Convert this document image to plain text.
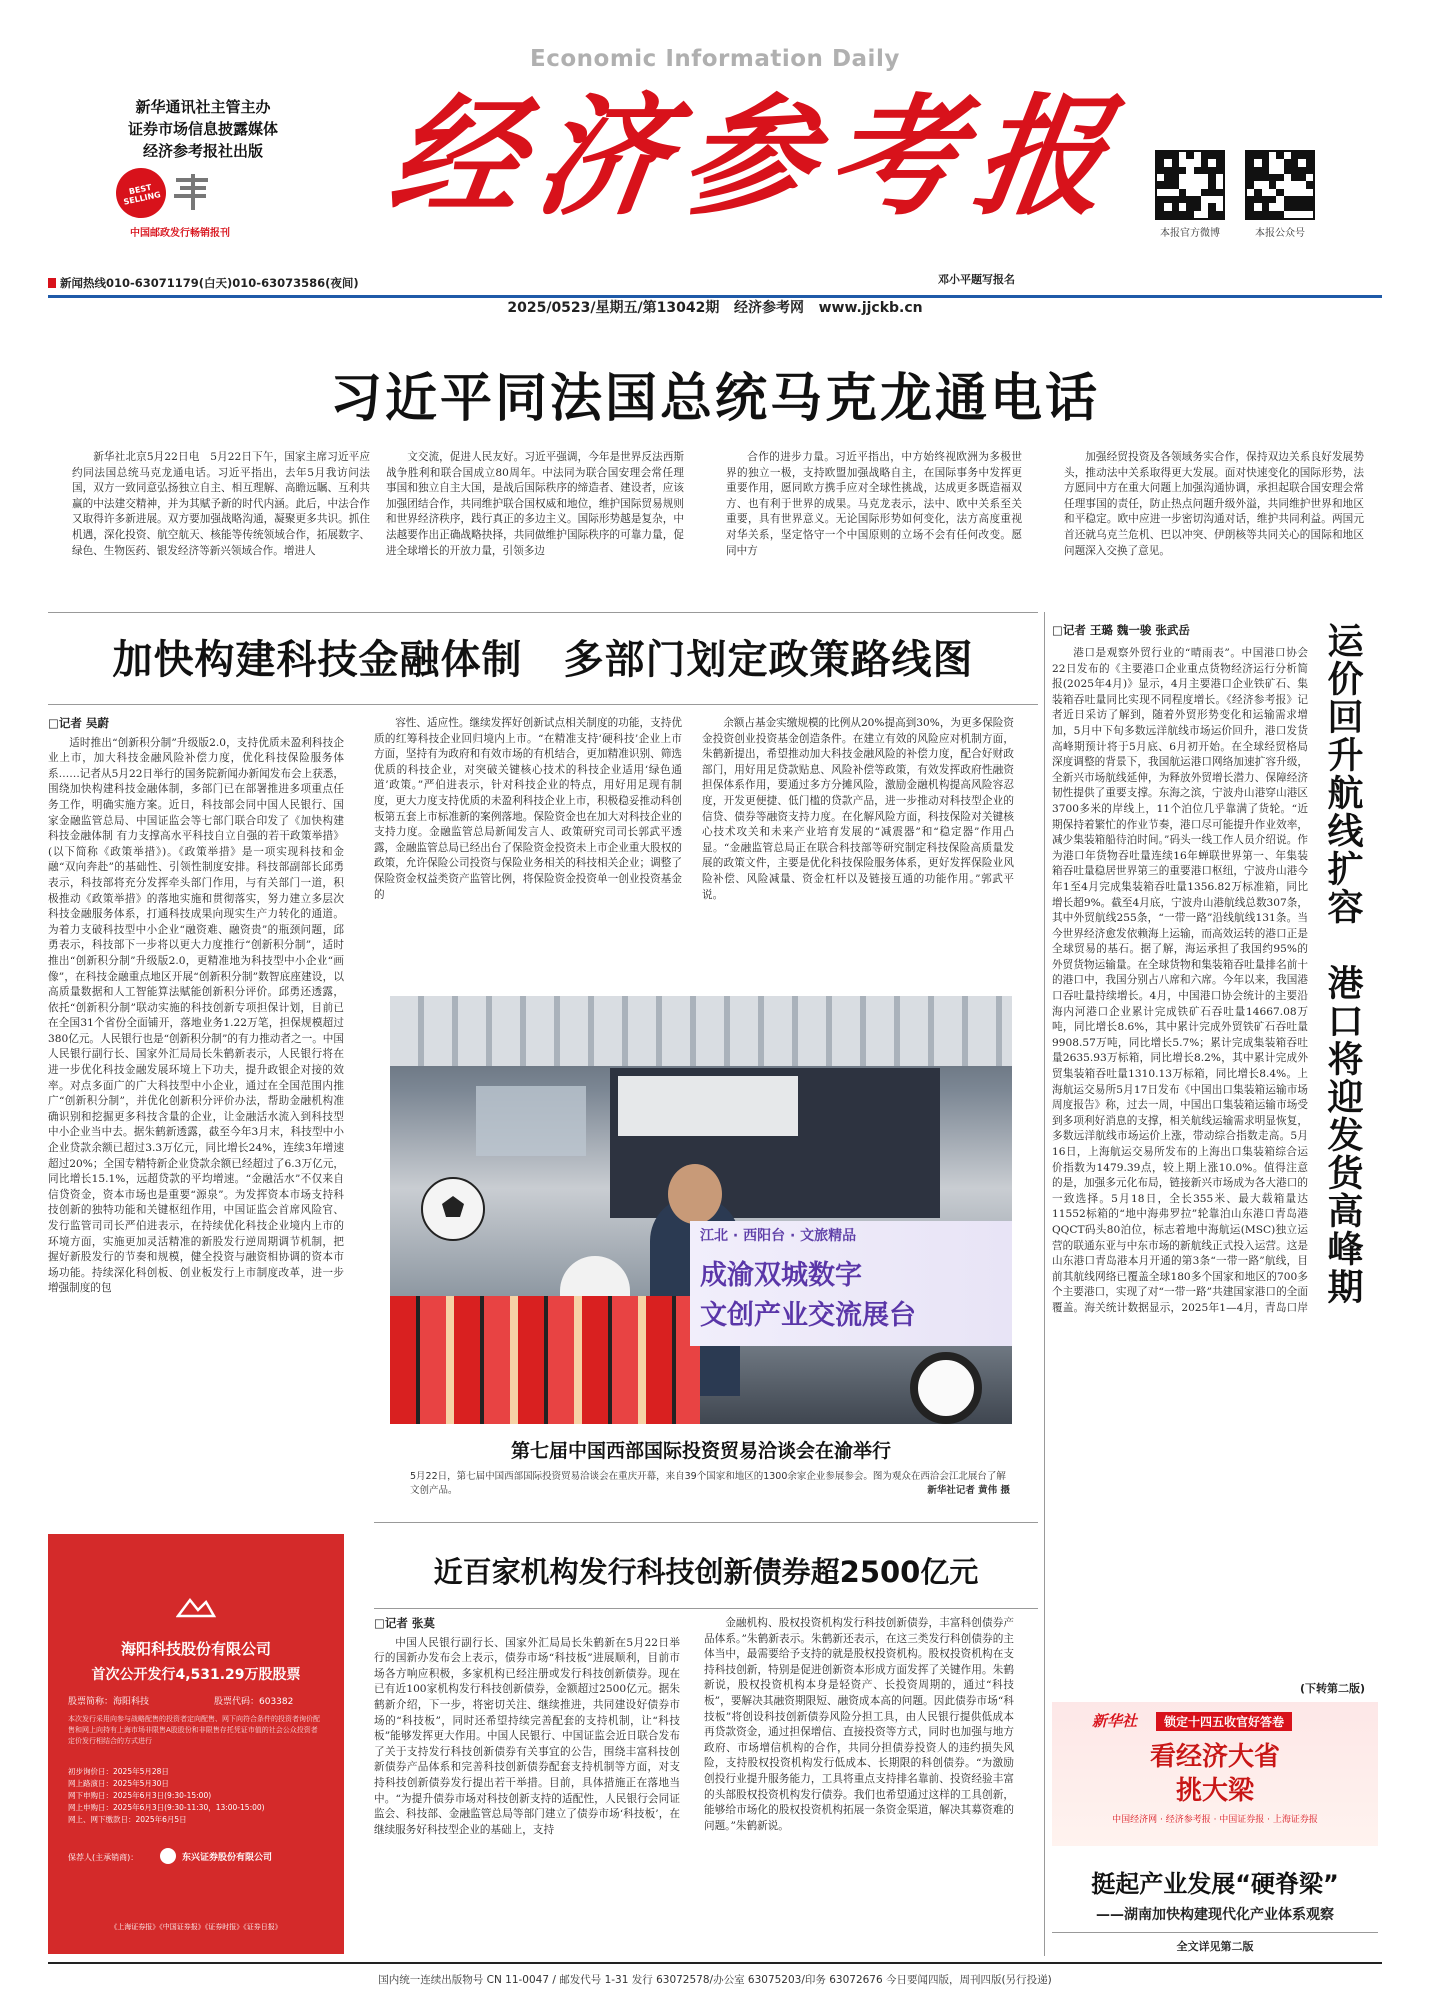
Economic Information Daily
新华通讯社主管主办
证券市场信息披露媒体
经济参考报社出版
BEST SELLING
中国邮政发行畅销报刊
经济参考报
邓小平题写报名
本报官方微博	本报公众号
新闻热线010-63071179(白天)010-63073586(夜间)
2025/0523/星期五/第13042期 经济参考网 www.jjckb.cn
习近平同法国总统马克龙通电话

新华社北京5月22日电　5月22日下午，国家主席习近平应约同法国总统马克龙通电话。习近平指出，去年5月我访问法国，双方一致同意弘扬独立自主、相互理解、高瞻远瞩、互利共赢的中法建交精神，并为其赋予新的时代内涵。此后，中法合作又取得许多新进展。双方要加强战略沟通，凝聚更多共识。抓住机遇，深化投资、航空航天、核能等传统领域合作，拓展数字、绿色、生物医药、银发经济等新兴领域合作。增进人

文交流，促进人民友好。习近平强调，今年是世界反法西斯战争胜利和联合国成立80周年。中法同为联合国安理会常任理事国和独立自主大国，是战后国际秩序的缔造者、建设者，应该加强团结合作，共同维护联合国权威和地位，维护国际贸易规则和世界经济秩序，践行真正的多边主义。国际形势越是复杂，中法越要作出正确战略抉择，共同做维护国际秩序的可靠力量，促进全球增长的开放力量，引领多边

合作的进步力量。习近平指出，中方始终视欧洲为多极世界的独立一极，支持欧盟加强战略自主，在国际事务中发挥更重要作用，愿同欧方携手应对全球性挑战，达成更多既造福双方、也有利于世界的成果。马克龙表示，法中、欧中关系至关重要，具有世界意义。无论国际形势如何变化，法方高度重视对华关系，坚定恪守一个中国原则的立场不会有任何改变。愿同中方

加强经贸投资及各领域务实合作，保持双边关系良好发展势头，推动法中关系取得更大发展。面对快速变化的国际形势，法方愿同中方在重大问题上加强沟通协调，承担起联合国安理会常任理事国的责任，防止热点问题升级外溢，共同维护世界和地区和平稳定。欧中应进一步密切沟通对话，维护共同利益。两国元首还就乌克兰危机、巴以冲突、伊朗核等共同关心的国际和地区问题深入交换了意见。

加快构建科技金融体制　多部门划定政策路线图
□记者 吴蔚

适时推出“创新积分制”升级版2.0，支持优质未盈利科技企业上市，加大科技金融风险补偿力度，优化科技保险服务体系……记者从5月22日举行的国务院新闻办新闻发布会上获悉，围绕加快构建科技金融体制，多部门已在部署推进多项重点任务工作，明确实施方案。近日，科技部会同中国人民银行、国家金融监管总局、中国证监会等七部门联合印发了《加快构建科技金融体制 有力支撑高水平科技自立自强的若干政策举措》(以下简称《政策举措》)。《政策举措》是一项实现科技和金融“双向奔赴”的基础性、引领性制度安排。科技部副部长邱勇表示，科技部将充分发挥牵头部门作用，与有关部门一道，积极推动《政策举措》的落地实施和贯彻落实，努力建立多层次科技金融服务体系，打通科技成果向现实生产力转化的通道。为着力支破科技型中小企业“融资难、融资贵”的瓶颈问题，邱勇表示，科技部下一步将以更大力度推行“创新积分制”，适时推出“创新积分制”升级版2.0，更精准地为科技型中小企业“画像”，在科技金融重点地区开展“创新积分制”数智底座建设，以高质量数据和人工智能算法赋能创新积分评价。邱勇还透露，依托“创新积分制”联动实施的科技创新专项担保计划，目前已在全国31个省份全面铺开，落地业务1.22万笔，担保规模超过380亿元。人民银行也是“创新积分制”的有力推动者之一。中国人民银行副行长、国家外汇局局长朱鹤新表示，人民银行将在进一步优化科技金融发展环境上下功夫，提升政银企对接的效率。对点多面广的广大科技型中小企业，通过在全国范围内推广“创新积分制”，并优化创新积分评价办法，帮助金融机构准确识别和挖掘更多科技含量的企业，让金融活水流入到科技型中小企业当中去。据朱鹤新透露，截至今年3月末，科技型中小企业贷款余额已超过3.3万亿元，同比增长24%，连续3年增速超过20%；全国专精特新企业贷款余额已经超过了6.3万亿元，同比增长15.1%，远超贷款的平均增速。“金融活水”不仅来自信贷资金，资本市场也是重要“源泉”。为发挥资本市场支持科技创新的独特功能和关键枢纽作用，中国证监会首席风险官、发行监管司司长严伯进表示，在持续优化科技企业境内上市的环境方面，实施更加灵活精准的新股发行逆周期调节机制，把握好新股发行的节奏和规模，健全投资与融资相协调的资本市场功能。持续深化科创板、创业板发行上市制度改革，进一步增强制度的包

容性、适应性。继续发挥好创新试点相关制度的功能，支持优质的红筹科技企业回归境内上市。“在精准支持‘硬科技’企业上市方面，坚持有为政府和有效市场的有机结合，更加精准识别、筛选优质的科技企业，对突破关键核心技术的科技企业适用‘绿色通道’政策。”严伯进表示，针对科技企业的特点，用好用足现有制度，更大力度支持优质的未盈利科技企业上市，积极稳妥推动科创板第五套上市标准新的案例落地。保险资金也在加大对科技企业的支持力度。金融监管总局新闻发言人、政策研究司司长郭武平透露，金融监管总局已经出台了保险资金投资未上市企业重大股权的政策，允许保险公司投资与保险业务相关的科技相关企业；调整了保险资金权益类资产监管比例，将保险资金投资单一创业投资基金的

余额占基金实缴规模的比例从20%提高到30%，为更多保险资金投资创业投资基金创造条件。在建立有效的风险应对机制方面，朱鹤新提出，希望推动加大科技金融风险的补偿力度，配合好财政部门，用好用足贷款贴息、风险补偿等政策，有效发挥政府性融资担保体系作用，要通过多方分摊风险，激励金融机构提高风险容忍度，开发更便捷、低门槛的贷款产品，进一步推动对科技型企业的信贷、债券等融资支持力度。在化解风险方面，科技保险对关键核心技术攻关和未来产业培育发展的“减震器”和“稳定器”作用凸显。“金融监管总局正在联合科技部等研究制定科技保险高质量发展的政策文件，主要是优化科技保险服务体系，更好发挥保险业风险补偿、风险减量、资金杠杆以及链接互通的功能作用。”郭武平说。

江北 · 西阳台 · 文旅精品
成渝双城数字
文创产业交流展台
第七届中国西部国际投资贸易洽谈会在渝举行
5月22日，第七届中国西部国际投资贸易洽谈会在重庆开幕，来自39个国家和地区的1300余家企业参展参会。图为观众在西洽会江北展台了解文创产品。	新华社记者 黄伟 摄
海阳科技股份有限公司
首次公开发行4,531.29万股股票
股票简称：海阳科技	股票代码：603382
本次发行采用向参与战略配售的投资者定向配售、网下向符合条件的投资者询价配售和网上向持有上海市场非限售A股股份和非限售存托凭证市值的社会公众投资者定价发行相结合的方式进行
初步询价日：2025年5月28日
网上路演日：2025年5月30日
网下申购日：2025年6月3日(9:30-15:00)
网上申购日：2025年6月3日(9:30-11:30，13:00-15:00)
网上、网下缴款日：2025年6月5日
保荐人(主承销商)：	东兴证券股份有限公司
《上海证券报》《中国证券报》《证券时报》《证券日报》
近百家机构发行科技创新债券超2500亿元
□记者 张莫

中国人民银行副行长、国家外汇局局长朱鹤新在5月22日举行的国新办发布会上表示，债券市场“科技板”进展顺利，目前市场各方响应积极，多家机构已经注册或发行科技创新债券。现在已有近100家机构发行科技创新债券，金额超过2500亿元。据朱鹤新介绍，下一步，将密切关注、继续推进，共同建设好债券市场的“科技板”，同时还希望持续完善配套的支持机制，让“科技板”能够发挥更大作用。中国人民银行、中国证监会近日联合发布了关于支持发行科技创新债券有关事宜的公告，围绕丰富科技创新债券产品体系和完善科技创新债券配套支持机制等方面，对支持科技创新债券发行提出若干举措。目前，具体措施正在落地当中。“为提升债券市场对科技创新支持的适配性，人民银行会同证监会、科技部、金融监管总局等部门建立了债券市场‘科技板’，在继续服务好科技型企业的基础上，支持

金融机构、股权投资机构发行科技创新债券，丰富科创债券产品体系。”朱鹤新表示。朱鹤新还表示，在这三类发行科创债券的主体当中，最需要给予支持的就是股权投资机构。股权投资机构在支持科技创新，特别是促进创新资本形成方面发挥了关键作用。朱鹤新说，股权投资机构本身是轻资产、长投资周期的，通过“科技板”，要解决其融资期限短、融资成本高的问题。因此债券市场“科技板”将创设科技创新债券风险分担工具，由人民银行提供低成本再贷款资金，通过担保增信、直接投资等方式，同时也加强与地方政府、市场增信机构的合作，共同分担债券投资人的违约损失风险，支持股权投资机构发行低成本、长期限的科创债券。“为激励创投行业提升服务能力，工具将重点支持排名靠前、投资经验丰富的头部股权投资机构发行债券。我们也希望通过这样的工具创新，能够给市场化的股权投资机构拓展一条资金渠道，解决其募资难的问题。”朱鹤新说。

□记者 王璐 魏一骏 张武岳	运价回升航线扩容　港口将迎发货高峰期

港口是观察外贸行业的“晴雨表”。中国港口协会22日发布的《主要港口企业重点货物经济运行分析简报(2025年4月)》显示，4月主要港口企业铁矿石、集装箱吞吐量同比实现不同程度增长。《经济参考报》记者近日采访了解到，随着外贸形势变化和运输需求增加，5月中下旬多数远洋航线市场运价回升，港口发货高峰期预计将于5月底、6月初开始。在全球经贸格局深度调整的背景下，我国航运港口网络加速扩容升级，全新兴市场航线延伸，为释放外贸增长潜力、保障经济韧性提供了重要支撑。东海之滨，宁波舟山港穿山港区3700多米的岸线上，11个泊位几乎靠满了货轮。“近期保持着繁忙的作业节奏，港口尽可能提升作业效率，减少集装箱船待泊时间。”码头一线工作人员介绍说。作为港口年货物吞吐量连续16年蝉联世界第一、年集装箱吞吐量稳居世界第三的重要港口枢纽，宁波舟山港今年1至4月完成集装箱吞吐量1356.82万标准箱，同比增长超9%。截至4月底，宁波舟山港航线总数307条，其中外贸航线255条，“一带一路”沿线航线131条。当今世界经济愈发依赖海上运输，而高效运转的港口正是全球贸易的基石。据了解，海运承担了我国约95%的外贸货物运输量。在全球货物和集装箱吞吐量排名前十的港口中，我国分别占八席和六席。今年以来，我国港口吞吐量持续增长。4月，中国港口协会统计的主要沿海内河港口企业累计完成铁矿石吞吐量14667.08万吨，同比增长8.6%，其中累计完成外贸铁矿石吞吐量9908.57万吨，同比增长5.7%；累计完成集装箱吞吐量2635.93万标箱，同比增长8.2%，其中累计完成外贸集装箱吞吐量1310.13万标箱，同比增长8.4%。上海航运交易所5月17日发布《中国出口集装箱运输市场周度报告》称，过去一周，中国出口集装箱运输市场受到多项利好消息的支撑，相关航线运输需求明显恢复，多数远洋航线市场运价上涨，带动综合指数走高。5月16日，上海航运交易所发布的上海出口集装箱综合运价指数为1479.39点，较上期上涨10.0%。值得注意的是，加强多元化布局，链接新兴市场成为各大港口的一致选择。5月18日，全长355米、最大载箱量达11552标箱的“地中海弗罗拉”轮靠泊山东港口青岛港QQCT码头80泊位，标志着地中海航运(MSC)独立运营的联通东亚与中东市场的新航线正式投入运营。这是山东港口青岛港本月开通的第3条“一带一路”航线，目前其航线网络已覆盖全球180多个国家和地区的700多个主要港口，实现了对“一带一路”共建国家港口的全面覆盖。海关统计数据显示，2025年1—4月，青岛口岸

(下转第二版)
新华社	锁定十四五收官好答卷
看经济大省
挑大梁
中国经济网 · 经济参考报 · 中国证券报 · 上海证券报
挺起产业发展“硬脊梁”
——湖南加快构建现代化产业体系观察
全文详见第二版
国内统一连续出版物号 CN 11-0047 / 邮发代号 1-31 发行 63072578/办公室 63075203/印务 63072676 今日要闻四版，周刊四版(另行投递)
